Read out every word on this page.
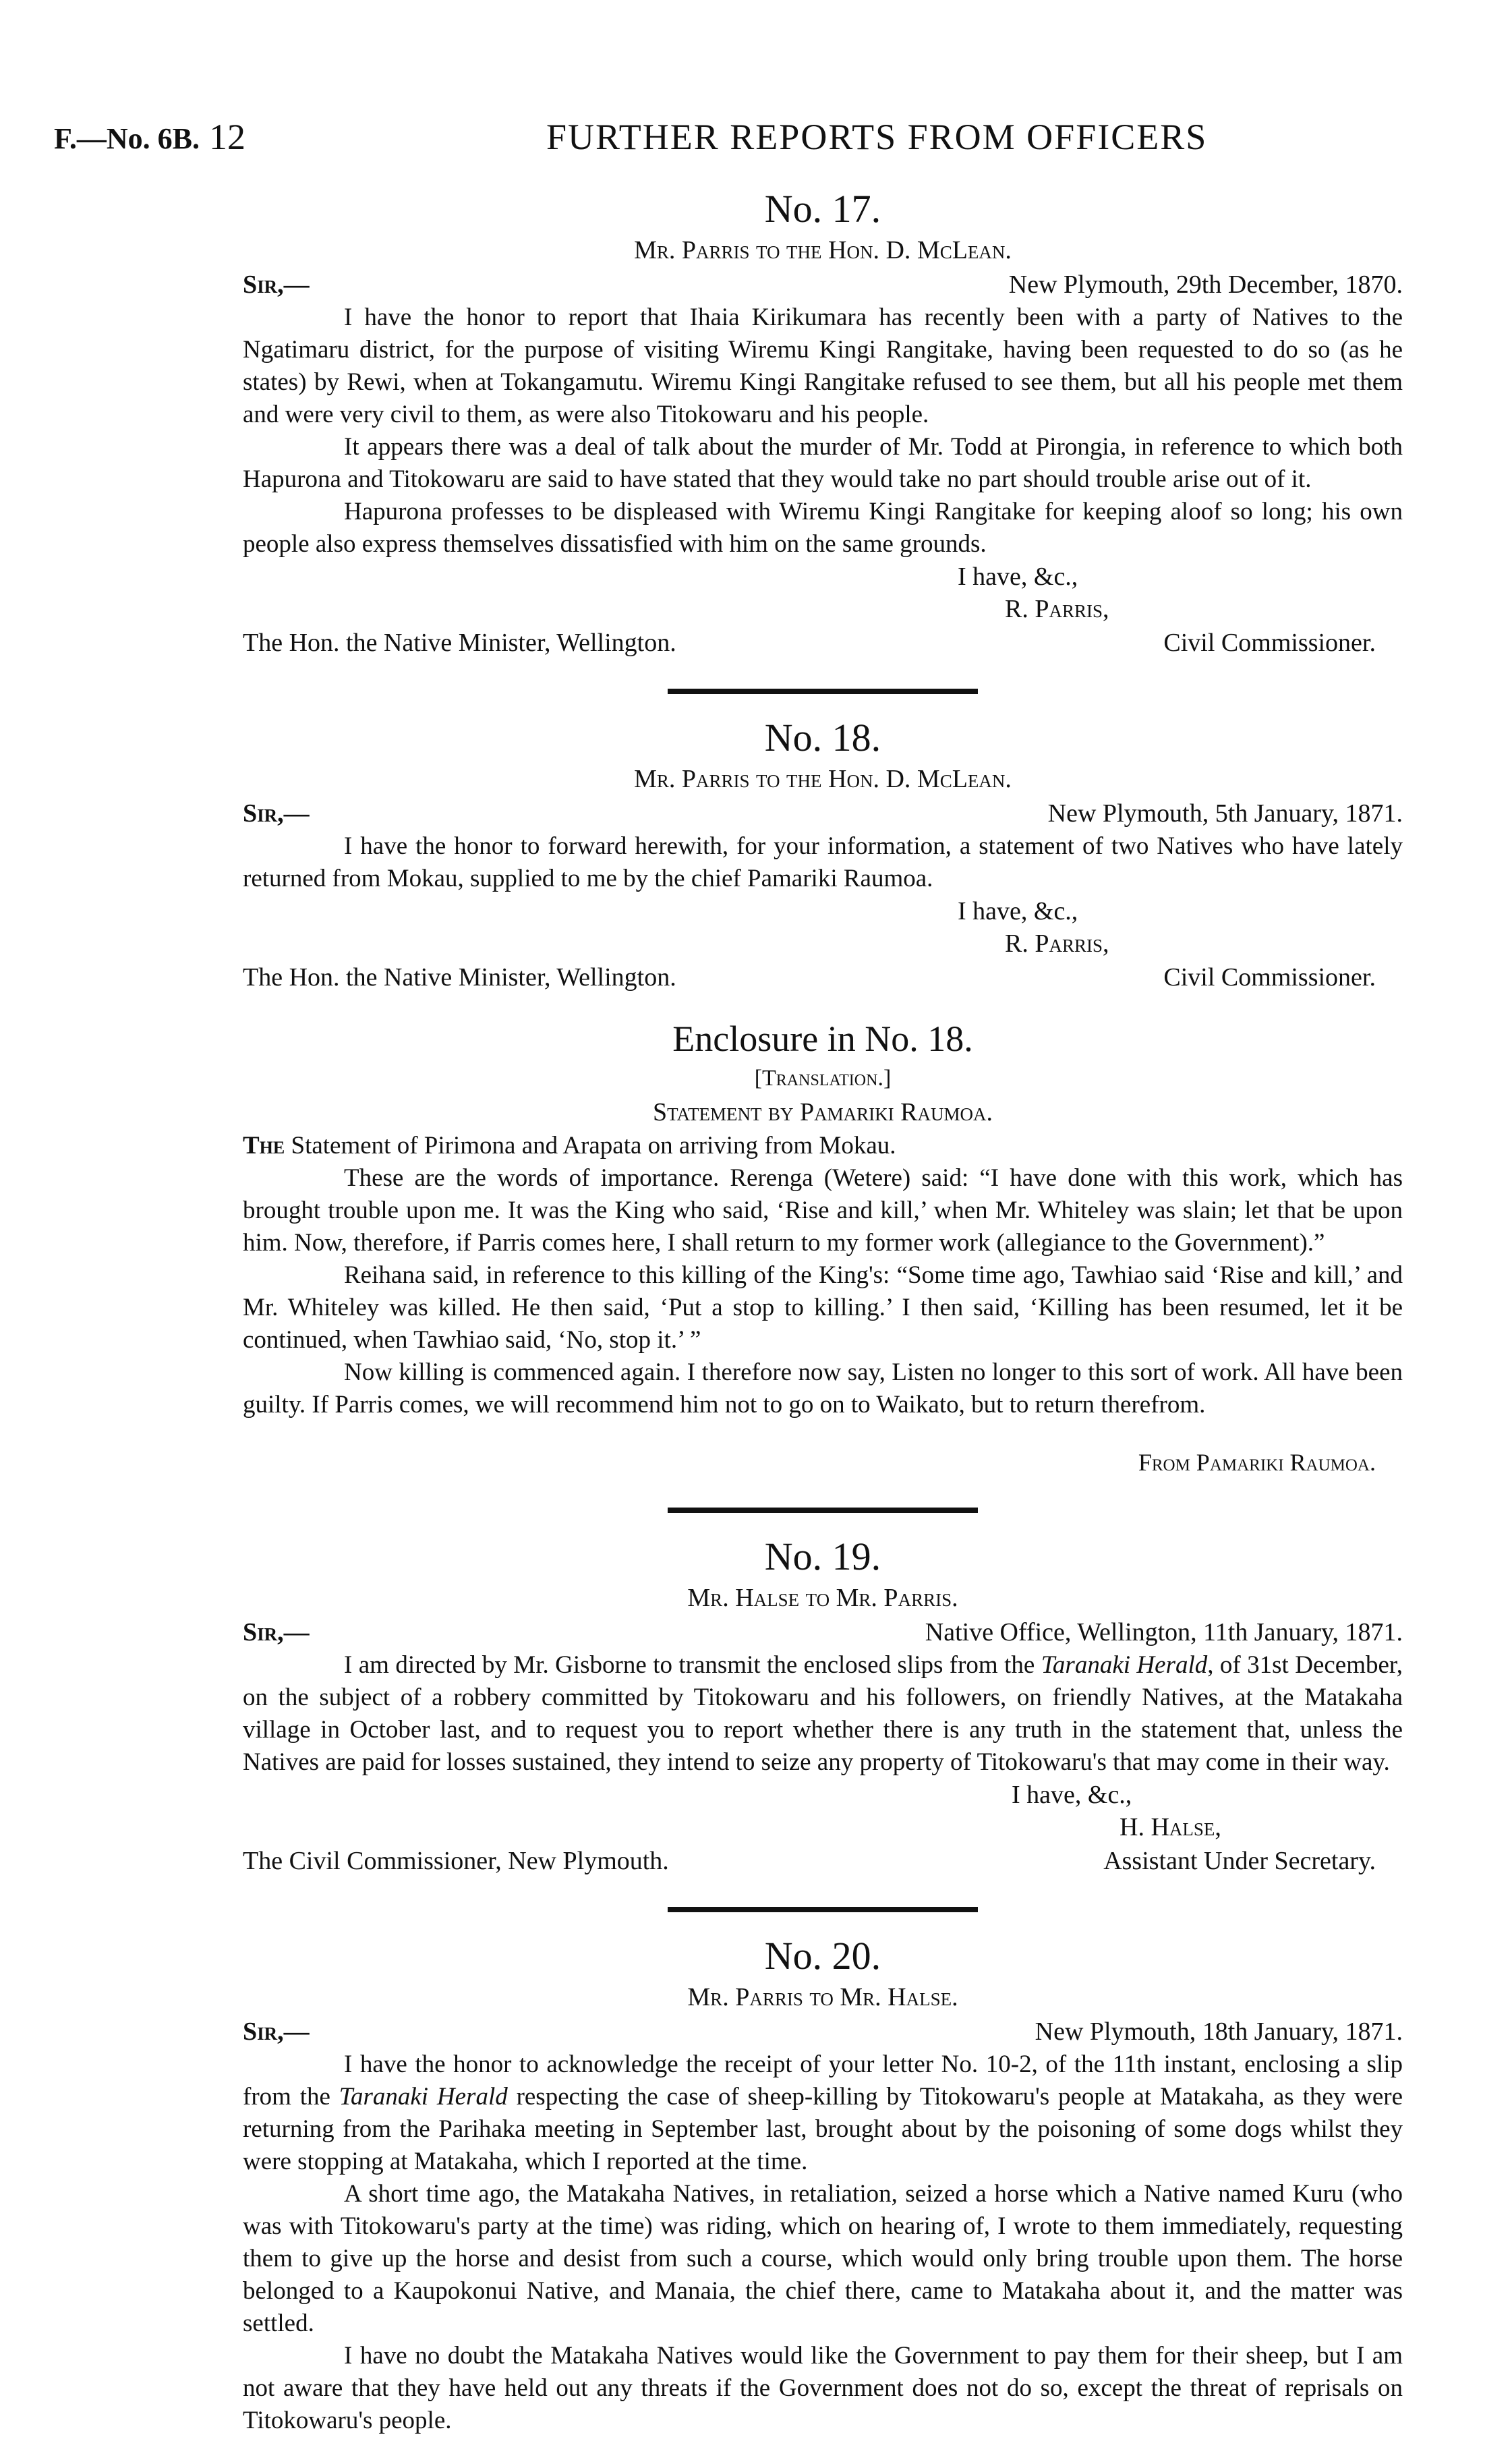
F.—No. 6B. 12	FURTHER REPORTS FROM OFFICERS

No. 17.

Mr. Parris to the Hon. D. McLean.

Sir,—	New Plymouth, 29th December, 1870.

I have the honor to report that Ihaia Kirikumara has recently been with a party of Natives to the Ngatimaru district, for the purpose of visiting Wiremu Kingi Rangitake, having been requested to do so (as he states) by Rewi, when at Tokangamutu. Wiremu Kingi Rangitake refused to see them, but all his people met them and were very civil to them, as were also Titokowaru and his people.

It appears there was a deal of talk about the murder of Mr. Todd at Pirongia, in reference to which both Hapurona and Titokowaru are said to have stated that they would take no part should trouble arise out of it.

Hapurona professes to be displeased with Wiremu Kingi Rangitake for keeping aloof so long; his own people also express themselves dissatisfied with him on the same grounds.

I have, &c.,

R. Parris,

The Hon. the Native Minister, Wellington.	Civil Commissioner.

No. 18.

Mr. Parris to the Hon. D. McLean.

Sir,—	New Plymouth, 5th January, 1871.

I have the honor to forward herewith, for your information, a statement of two Natives who have lately returned from Mokau, supplied to me by the chief Pamariki Raumoa.

I have, &c.,

R. Parris,

The Hon. the Native Minister, Wellington.	Civil Commissioner.

Enclosure in No. 18.

[Translation.]

Statement by Pamariki Raumoa.

The Statement of Pirimona and Arapata on arriving from Mokau.

These are the words of importance. Rerenga (Wetere) said: “I have done with this work, which has brought trouble upon me. It was the King who said, ‘Rise and kill,’ when Mr. Whiteley was slain; let that be upon him. Now, therefore, if Parris comes here, I shall return to my former work (allegiance to the Government).”

Reihana said, in reference to this killing of the King's: “Some time ago, Tawhiao said ‘Rise and kill,’ and Mr. Whiteley was killed. He then said, ‘Put a stop to killing.’ I then said, ‘Killing has been resumed, let it be continued, when Tawhiao said, ‘No, stop it.’ ”

Now killing is commenced again. I therefore now say, Listen no longer to this sort of work. All have been guilty. If Parris comes, we will recommend him not to go on to Waikato, but to return therefrom.

From Pamariki Raumoa.

No. 19.

Mr. Halse to Mr. Parris.

Sir,—	Native Office, Wellington, 11th January, 1871.

I am directed by Mr. Gisborne to transmit the enclosed slips from the Taranaki Herald, of 31st December, on the subject of a robbery committed by Titokowaru and his followers, on friendly Natives, at the Matakaha village in October last, and to request you to report whether there is any truth in the statement that, unless the Natives are paid for losses sustained, they intend to seize any property of Titokowaru's that may come in their way.

I have, &c.,

H. Halse,

The Civil Commissioner, New Plymouth.	Assistant Under Secretary.

No. 20.

Mr. Parris to Mr. Halse.

Sir,—	New Plymouth, 18th January, 1871.

I have the honor to acknowledge the receipt of your letter No. 10-2, of the 11th instant, enclosing a slip from the Taranaki Herald respecting the case of sheep-killing by Titokowaru's people at Matakaha, as they were returning from the Parihaka meeting in September last, brought about by the poisoning of some dogs whilst they were stopping at Matakaha, which I reported at the time.

A short time ago, the Matakaha Natives, in retaliation, seized a horse which a Native named Kuru (who was with Titokowaru's party at the time) was riding, which on hearing of, I wrote to them immediately, requesting them to give up the horse and desist from such a course, which would only bring trouble upon them. The horse belonged to a Kaupokonui Native, and Manaia, the chief there, came to Matakaha about it, and the matter was settled.

I have no doubt the Matakaha Natives would like the Government to pay them for their sheep, but I am not aware that they have held out any threats if the Government does not do so, except the threat of reprisals on Titokowaru's people.
